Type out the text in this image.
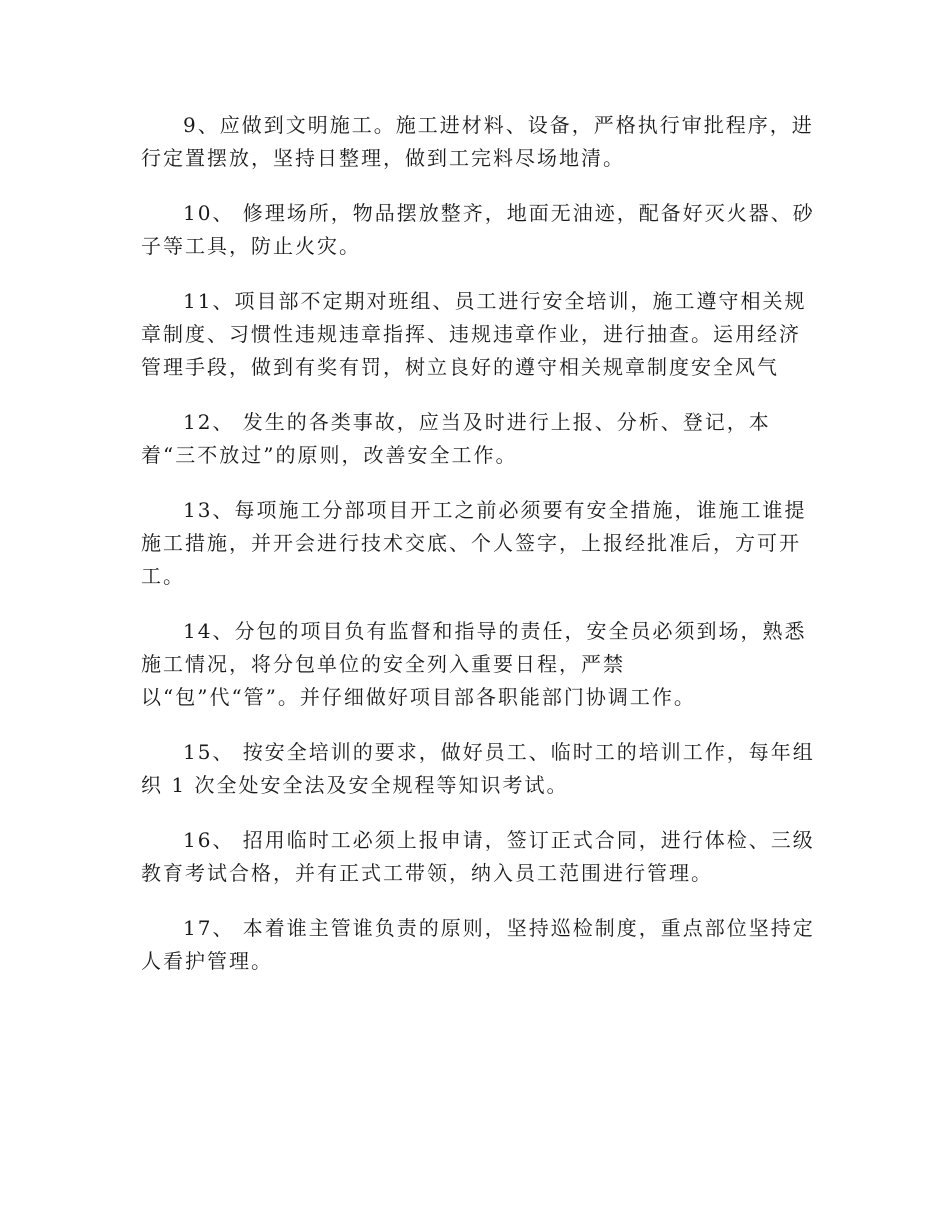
9、应做到文明施工。施工进材料、设备，严格执行审批程序，进
行定置摆放，坚持日整理，做到工完料尽场地清。

10、 修理场所，物品摆放整齐，地面无油迹，配备好灭火器、砂
子等工具，防止火灾。

11、项目部不定期对班组、员工进行安全培训，施工遵守相关规
章制度、习惯性违规违章指挥、违规违章作业，进行抽查。运用经济
管理手段，做到有奖有罚，树立良好的遵守相关规章制度安全风气

12、 发生的各类事故，应当及时进行上报、分析、登记，本
着“三不放过”的原则，改善安全工作。

13、每项施工分部项目开工之前必须要有安全措施，谁施工谁提
施工措施，并开会进行技术交底、个人签字，上报经批准后，方可开
工。

14、分包的项目负有监督和指导的责任，安全员必须到场，熟悉
施工情况，将分包单位的安全列入重要日程，严禁
以“包”代“管”。并仔细做好项目部各职能部门协调工作。

15、 按安全培训的要求，做好员工、临时工的培训工作，每年组
织 1 次全处安全法及安全规程等知识考试。

16、 招用临时工必须上报申请，签订正式合同，进行体检、三级
教育考试合格，并有正式工带领，纳入员工范围进行管理。

17、 本着谁主管谁负责的原则，坚持巡检制度，重点部位坚持定
人看护管理。
